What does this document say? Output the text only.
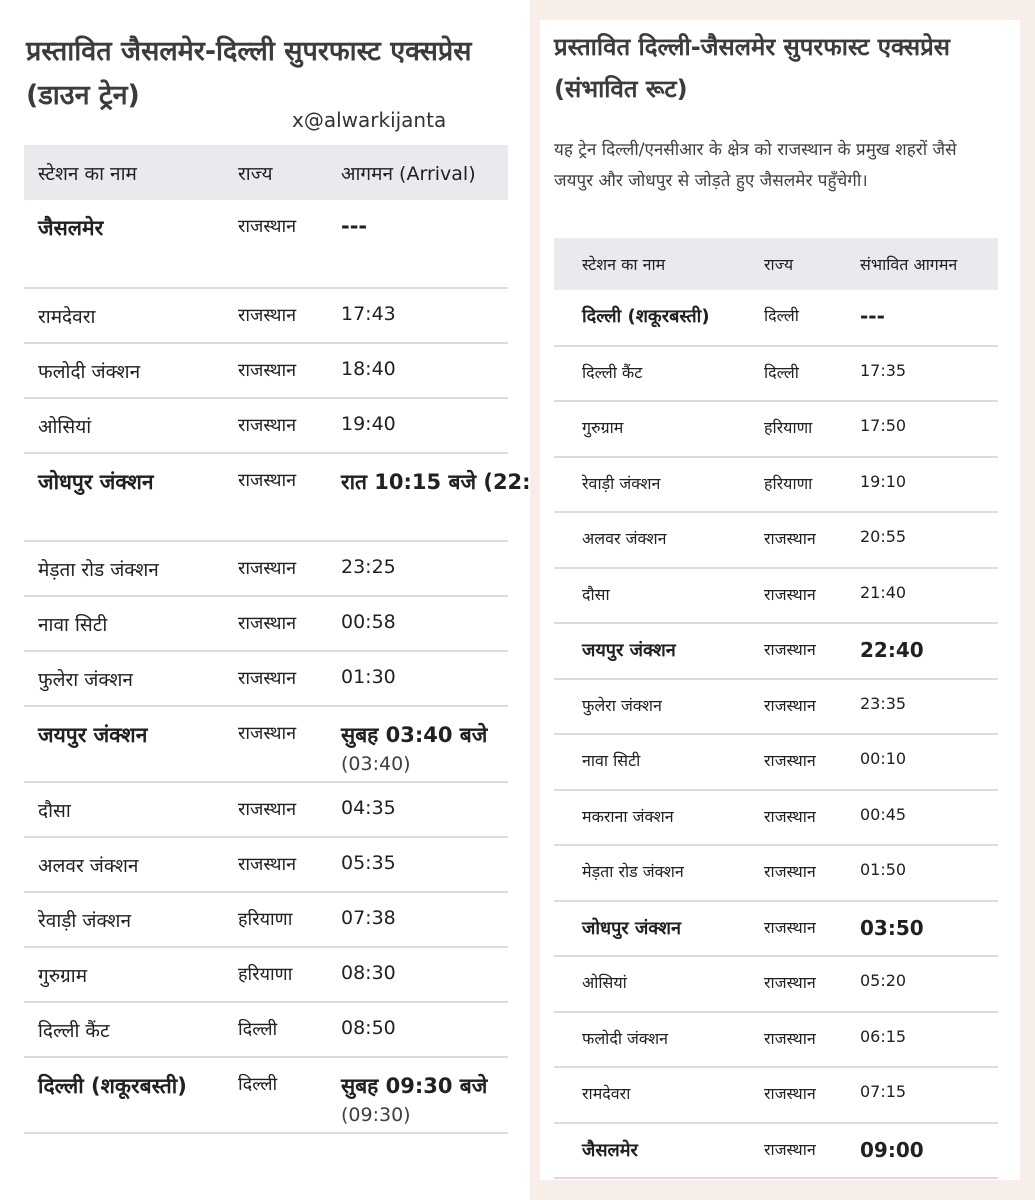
प्रस्तावित जैसलमेर-दिल्ली सुपरफास्ट एक्सप्रेस (डाउन ट्रेन)
x@alwarkijanta
स्टेशन का नाम	राज्य	आगमन (Arrival)
जैसलमेर	राजस्थान	---
रामदेवरा	राजस्थान	17:43
फलोदी जंक्शन	राजस्थान	18:40
ओसियां	राजस्थान	19:40
जोधपुर जंक्शन	राजस्थान	रात 10:15 बजे (22:
मेड़ता रोड जंक्शन	राजस्थान	23:25
नावा सिटी	राजस्थान	00:58
फुलेरा जंक्शन	राजस्थान	01:30
जयपुर जंक्शन	राजस्थान	सुबह 03:40 बजे
(03:40)

दौसा	राजस्थान	04:35
अलवर जंक्शन	राजस्थान	05:35
रेवाड़ी जंक्शन	हरियाणा	07:38
गुरुग्राम	हरियाणा	08:30
दिल्ली कैंट	दिल्ली	08:50
दिल्ली (शकूरबस्ती)	दिल्ली	सुबह 09:30 बजे
(09:30)
प्रस्तावित दिल्ली-जैसलमेर सुपरफास्ट एक्सप्रेस (संभावित रूट)

यह ट्रेन दिल्ली/एनसीआर के क्षेत्र को राजस्थान के प्रमुख शहरों जैसे जयपुर और जोधपुर से जोड़ते हुए जैसलमेर पहुँचेगी।

स्टेशन का नाम	राज्य	संभावित आगमन
दिल्ली (शकूरबस्ती)	दिल्ली	---
दिल्ली कैंट	दिल्ली	17:35
गुरुग्राम	हरियाणा	17:50
रेवाड़ी जंक्शन	हरियाणा	19:10
अलवर जंक्शन	राजस्थान	20:55
दौसा	राजस्थान	21:40
जयपुर जंक्शन	राजस्थान	22:40
फुलेरा जंक्शन	राजस्थान	23:35
नावा सिटी	राजस्थान	00:10
मकराना जंक्शन	राजस्थान	00:45
मेड़ता रोड जंक्शन	राजस्थान	01:50
जोधपुर जंक्शन	राजस्थान	03:50
ओसियां	राजस्थान	05:20
फलोदी जंक्शन	राजस्थान	06:15
रामदेवरा	राजस्थान	07:15
जैसलमेर	राजस्थान	09:00
